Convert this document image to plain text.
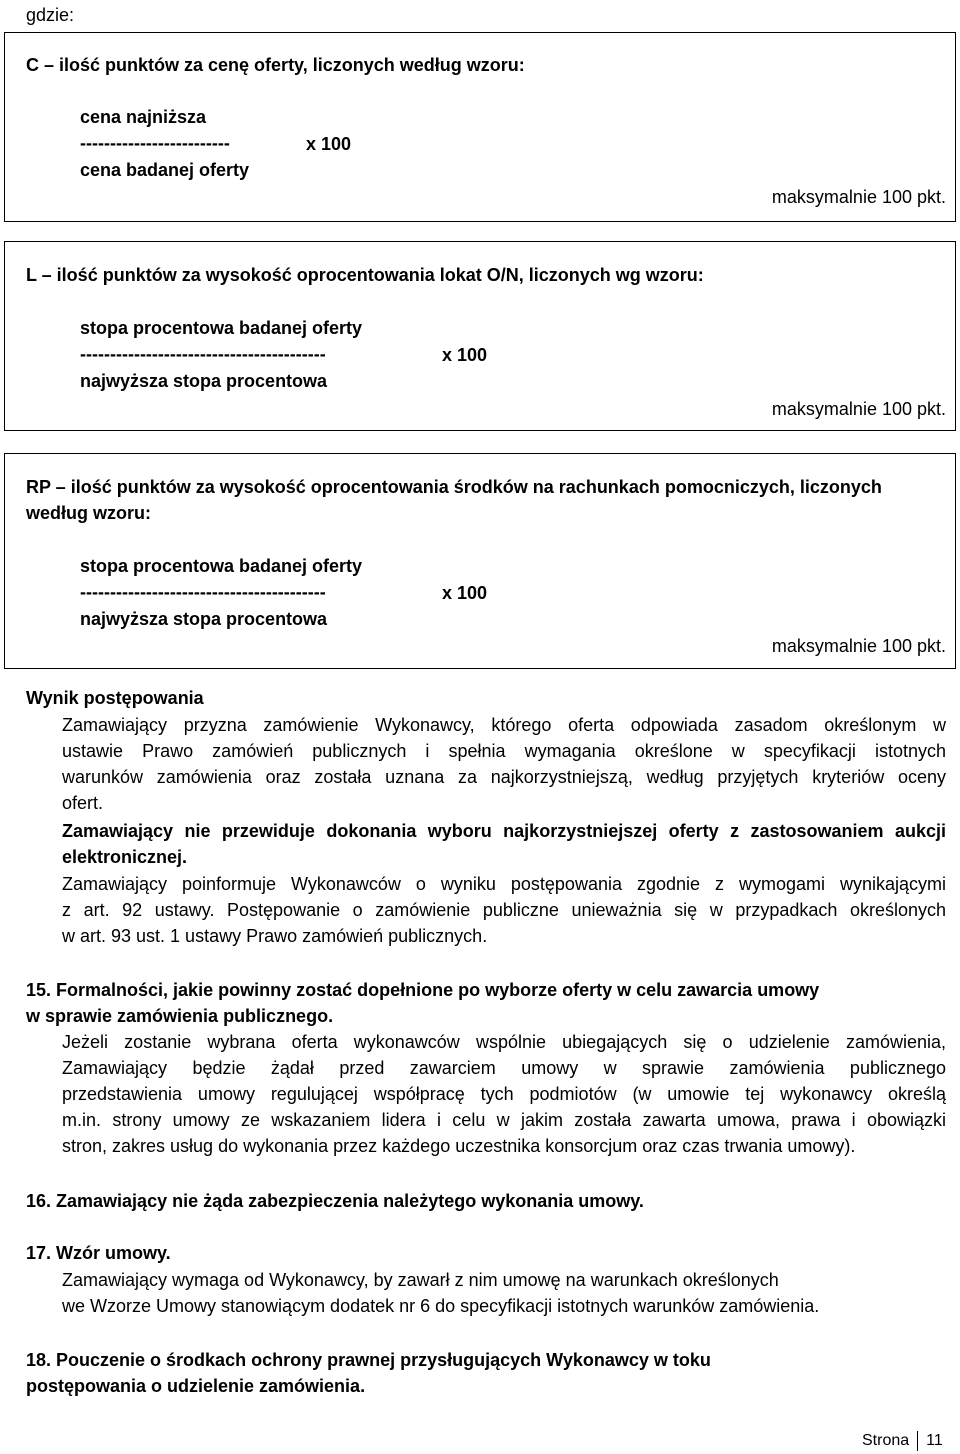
gdzie:
C – ilość punktów za cenę oferty, liczonych według wzoru:
cena najniższa
-------------------------	x 100
cena badanej oferty
maksymalnie 100 pkt.
L – ilość punktów za wysokość oprocentowania lokat O/N, liczonych wg wzoru:
stopa procentowa badanej oferty
-----------------------------------------	x 100
najwyższa stopa procentowa
maksymalnie 100 pkt.
RP – ilość punktów za wysokość oprocentowania środków na rachunkach pomocniczych, liczonych
według wzoru:
stopa procentowa badanej oferty
-----------------------------------------	x 100
najwyższa stopa procentowa
maksymalnie 100 pkt.
Wynik postępowania
Zamawiający przyzna zamówienie Wykonawcy, którego oferta odpowiada zasadom określonym w
ustawie Prawo zamówień publicznych i spełnia wymagania określone w specyfikacji istotnych
warunków zamówienia oraz została uznana za najkorzystniejszą, według przyjętych kryteriów oceny
ofert.
Zamawiający nie przewiduje dokonania wyboru najkorzystniejszej oferty z zastosowaniem aukcji
elektronicznej.
Zamawiający poinformuje Wykonawców o wyniku postępowania zgodnie z wymogami wynikającymi
z art. 92 ustawy. Postępowanie o zamówienie publiczne unieważnia się w przypadkach określonych
w art. 93 ust. 1 ustawy Prawo zamówień publicznych.
15. Formalności, jakie powinny zostać dopełnione po wyborze oferty w celu zawarcia umowy
w sprawie zamówienia publicznego.
Jeżeli zostanie wybrana oferta wykonawców wspólnie ubiegających się o udzielenie zamówienia,
Zamawiający będzie żądał przed zawarciem umowy w sprawie zamówienia publicznego
przedstawienia umowy regulującej współpracę tych podmiotów (w umowie tej wykonawcy określą
m.in. strony umowy ze wskazaniem lidera i celu w jakim została zawarta umowa, prawa i obowiązki
stron, zakres usług do wykonania przez każdego uczestnika konsorcjum oraz czas trwania umowy).
16. Zamawiający nie żąda zabezpieczenia należytego wykonania umowy.
17. Wzór umowy.
Zamawiający wymaga od Wykonawcy, by zawarł z nim umowę na warunkach określonych
we Wzorze Umowy stanowiącym dodatek nr 6 do specyfikacji istotnych warunków zamówienia.
18. Pouczenie o środkach ochrony prawnej przysługujących Wykonawcy w toku
postępowania o udzielenie zamówienia.
Strona 11
